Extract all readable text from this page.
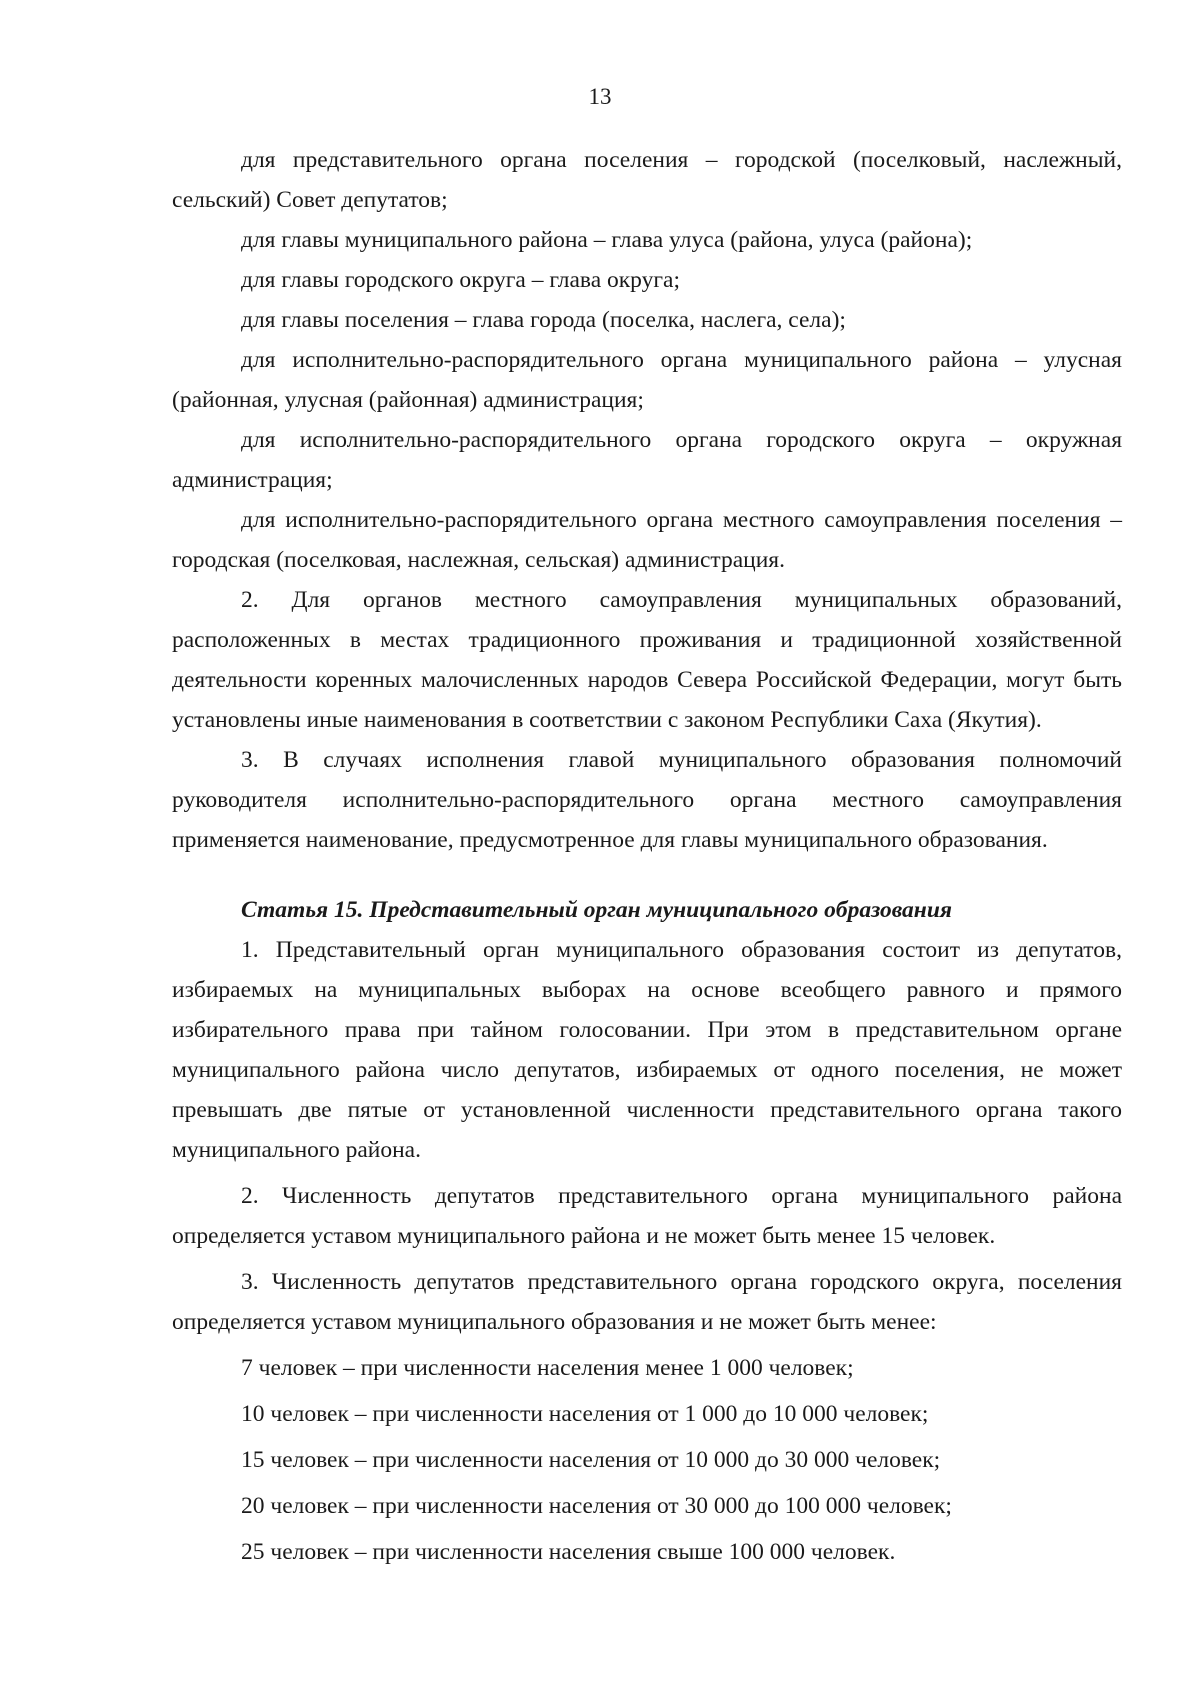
13

для представительного органа поселения – городской (поселковый, наслежный, сельский) Совет депутатов;

для главы муниципального района – глава улуса (района, улуса (района);

для главы городского округа – глава округа;

для главы поселения – глава города (поселка, наслега, села);

для исполнительно-распорядительного органа муниципального района – улусная (районная, улусная (районная) администрация;

для исполнительно-распорядительного органа городского округа – окружная администрация;

для исполнительно-распорядительного органа местного самоуправления поселения – городская (поселковая, наслежная, сельская) администрация.

2. Для органов местного самоуправления муниципальных образований, расположенных в местах традиционного проживания и традиционной хозяйственной деятельности коренных малочисленных народов Севера Российской Федерации, могут быть установлены иные наименования в соответствии с законом Республики Саха (Якутия).

3. В случаях исполнения главой муниципального образования полномочий руководителя исполнительно-распорядительного органа местного самоуправления применяется наименование, предусмотренное для главы муниципального образования.

Статья 15. Представительный орган муниципального образования

1. Представительный орган муниципального образования состоит из депутатов, избираемых на муниципальных выборах на основе всеобщего равного и прямого избирательного права при тайном голосовании. При этом в представительном органе муниципального района число депутатов, избираемых от одного поселения, не может превышать две пятые от установленной численности представительного органа такого муниципального района.

2. Численность депутатов представительного органа муниципального района определяется уставом муниципального района и не может быть менее 15 человек.

3. Численность депутатов представительного органа городского округа, поселения определяется уставом муниципального образования и не может быть менее:

7 человек – при численности населения менее 1 000 человек;

10 человек – при численности населения от 1 000 до 10 000 человек;

15 человек – при численности населения от 10 000 до 30 000 человек;

20 человек – при численности населения от 30 000 до 100 000 человек;

25 человек – при численности населения свыше 100 000 человек.
